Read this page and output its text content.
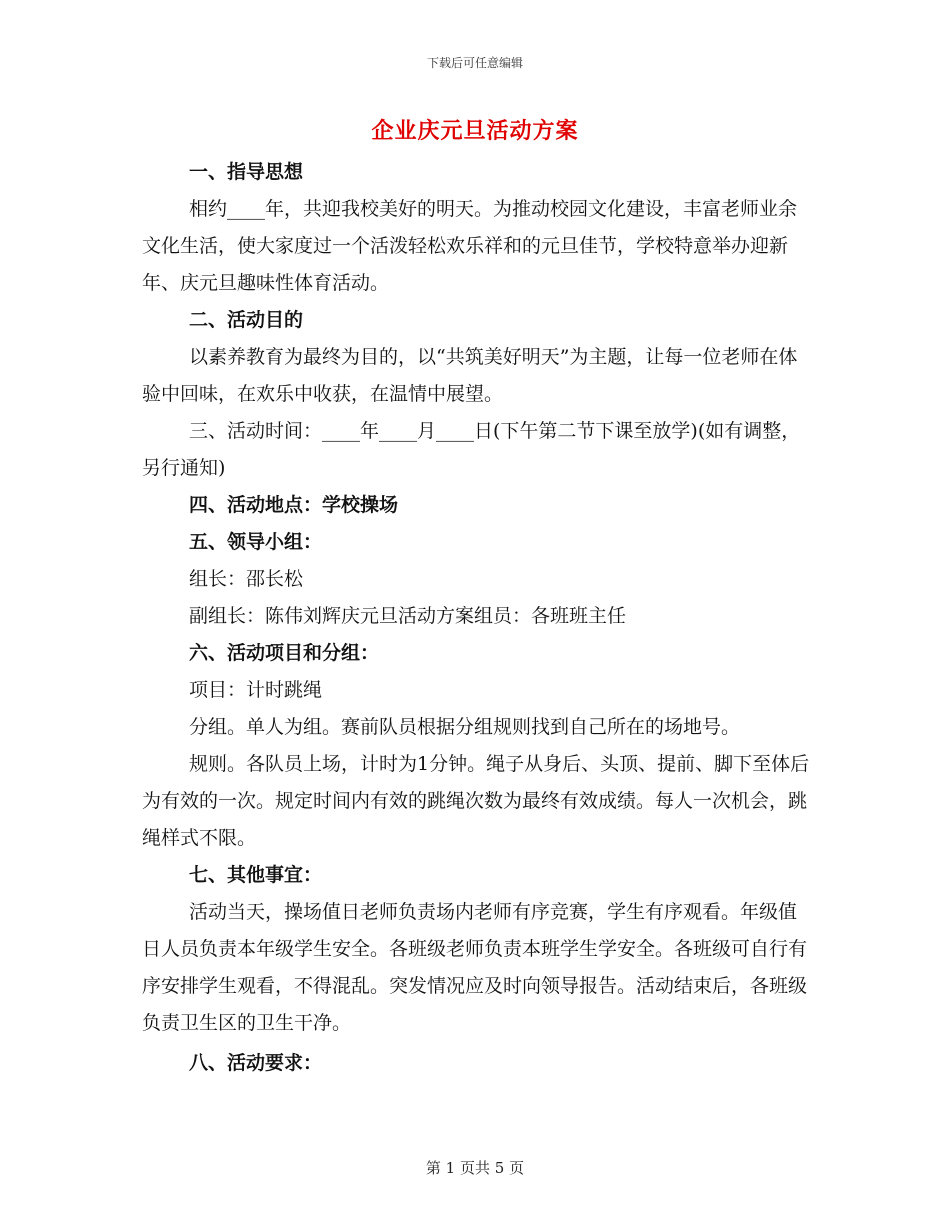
下载后可任意编辑
企业庆元旦活动方案

一、指导思想

相约____年，共迎我校美好的明天。为推动校园文化建设，丰富老师业余文化生活，使大家度过一个活泼轻松欢乐祥和的元旦佳节，学校特意举办迎新年、庆元旦趣味性体育活动。

二、活动目的

以素养教育为最终为目的，以“共筑美好明天”为主题，让每一位老师在体验中回味，在欢乐中收获，在温情中展望。

三、活动时间：____年____月____日(下午第二节下课至放学)(如有调整，另行通知)

四、活动地点：学校操场

五、领导小组：

组长：邵长松

副组长：陈伟刘辉庆元旦活动方案组员：各班班主任

六、活动项目和分组：

项目：计时跳绳

分组。单人为组。赛前队员根据分组规则找到自己所在的场地号。

规则。各队员上场，计时为1分钟。绳子从身后、头顶、提前、脚下至体后为有效的一次。规定时间内有效的跳绳次数为最终有效成绩。每人一次机会，跳绳样式不限。

七、其他事宜：

活动当天，操场值日老师负责场内老师有序竞赛，学生有序观看。年级值日人员负责本年级学生安全。各班级老师负责本班学生学安全。各班级可自行有序安排学生观看，不得混乱。突发情况应及时向领导报告。活动结束后，各班级负责卫生区的卫生干净。

八、活动要求：

第 1 页共 5 页
